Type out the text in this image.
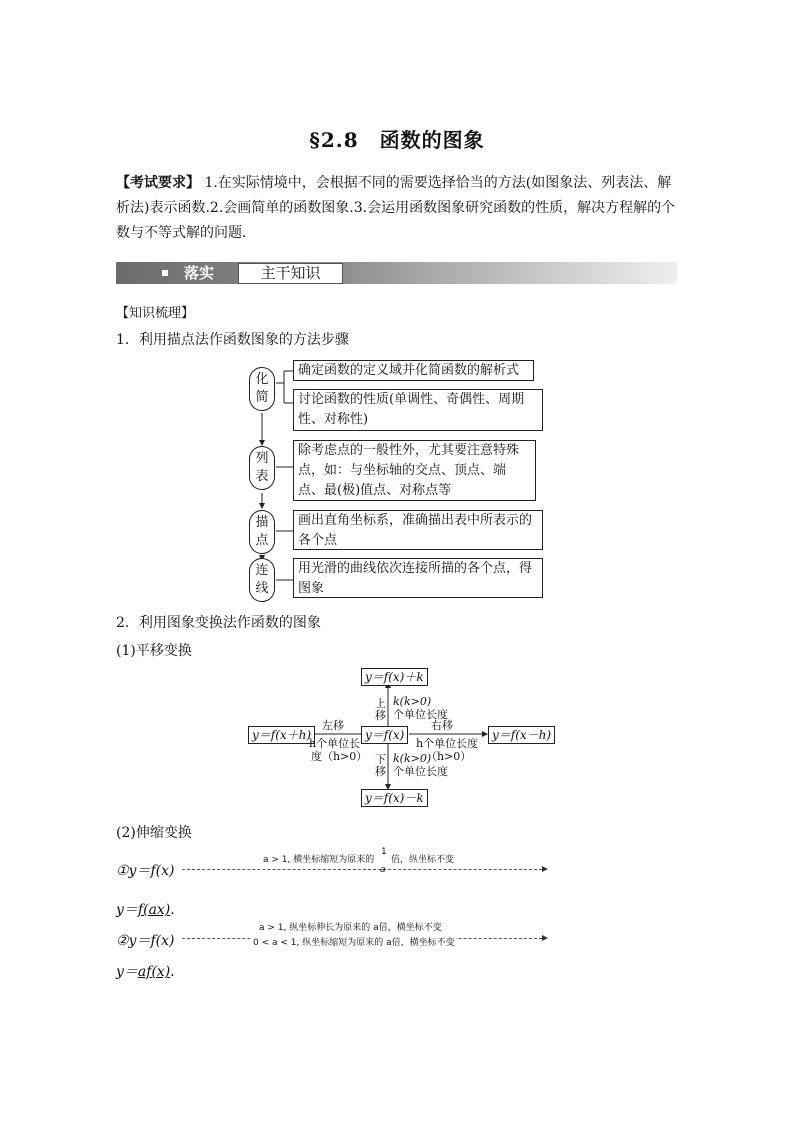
§2.8　函数的图象
【考试要求】 1.在实际情境中，会根据不同的需要选择恰当的方法(如图象法、列表法、解析法)表示函数.2.会画简单的函数图象.3.会运用函数图象研究函数的性质，解决方程解的个数与不等式解的问题．
落实	主干知识
【知识梳理】
1．利用描点法作函数图象的方法步骤
化
简
列
表
描
点
连
线
确定函数的定义域并化简函数的解析式
讨论函数的性质(单调性、奇偶性、周期性、对称性)
除考虑点的一般性外，尤其要注意特殊点，如：与坐标轴的交点、顶点、端点、最(极)值点、对称点等
画出直角坐标系，准确描出表中所表示的各个点
用光滑的曲线依次连接所描的各个点，得图象
2．利用图象变换法作函数的图象
(1)平移变换
y＝f(x)＋k
y＝f(x)
y＝f(x)－k
y＝f(x＋h)	y＝f(x－h)
上
移
k(k>0)
个单位长度
下
移
k(k>0)
个单位长度
左移
h个单位长
度（h>0）
右移
h个单位长度
（h>0）
(2)伸缩变换
①y＝f(x)
1
a > 1, 横坐标缩短为原来的 倍，纵坐标不变
a
y＝f(ax)．
②y＝f(x)
a > 1, 纵坐标伸长为原来的 a倍，横坐标不变
0 < a < 1, 纵坐标缩短为原来的 a倍，横坐标不变
y＝af(x)．
